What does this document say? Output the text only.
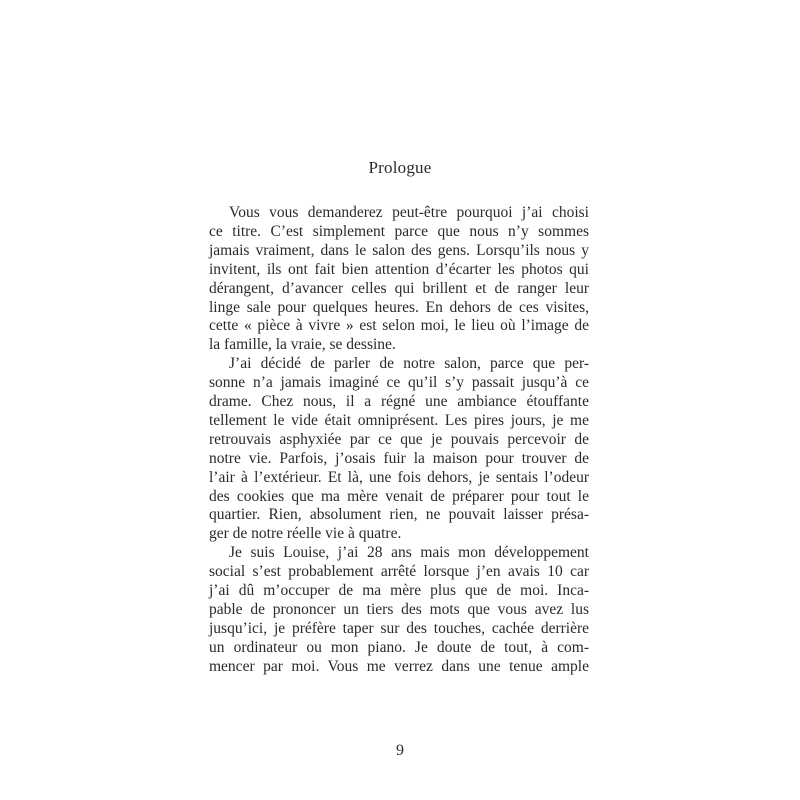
Prologue
Vous vous demanderez peut-être pourquoi j’ai choisi
ce titre. C’est simplement parce que nous n’y sommes
jamais vraiment, dans le salon des gens. Lorsqu’ils nous y
invitent, ils ont fait bien attention d’écarter les photos qui
dérangent, d’avancer celles qui brillent et de ranger leur
linge sale pour quelques heures. En dehors de ces visites,
cette « pièce à vivre » est selon moi, le lieu où l’image de
la famille, la vraie, se dessine.
J’ai décidé de parler de notre salon, parce que per-
sonne n’a jamais imaginé ce qu’il s’y passait jusqu’à ce
drame. Chez nous, il a régné une ambiance étouffante
tellement le vide était omniprésent. Les pires jours, je me
retrouvais asphyxiée par ce que je pouvais percevoir de
notre vie. Parfois, j’osais fuir la maison pour trouver de
l’air à l’extérieur. Et là, une fois dehors, je sentais l’odeur
des cookies que ma mère venait de préparer pour tout le
quartier. Rien, absolument rien, ne pouvait laisser présa-
ger de notre réelle vie à quatre.
Je suis Louise, j’ai 28 ans mais mon développement
social s’est probablement arrêté lorsque j’en avais 10 car
j’ai dû m’occuper de ma mère plus que de moi. Inca-
pable de prononcer un tiers des mots que vous avez lus
jusqu’ici, je préfère taper sur des touches, cachée derrière
un ordinateur ou mon piano. Je doute de tout, à com-
mencer par moi. Vous me verrez dans une tenue ample
9
